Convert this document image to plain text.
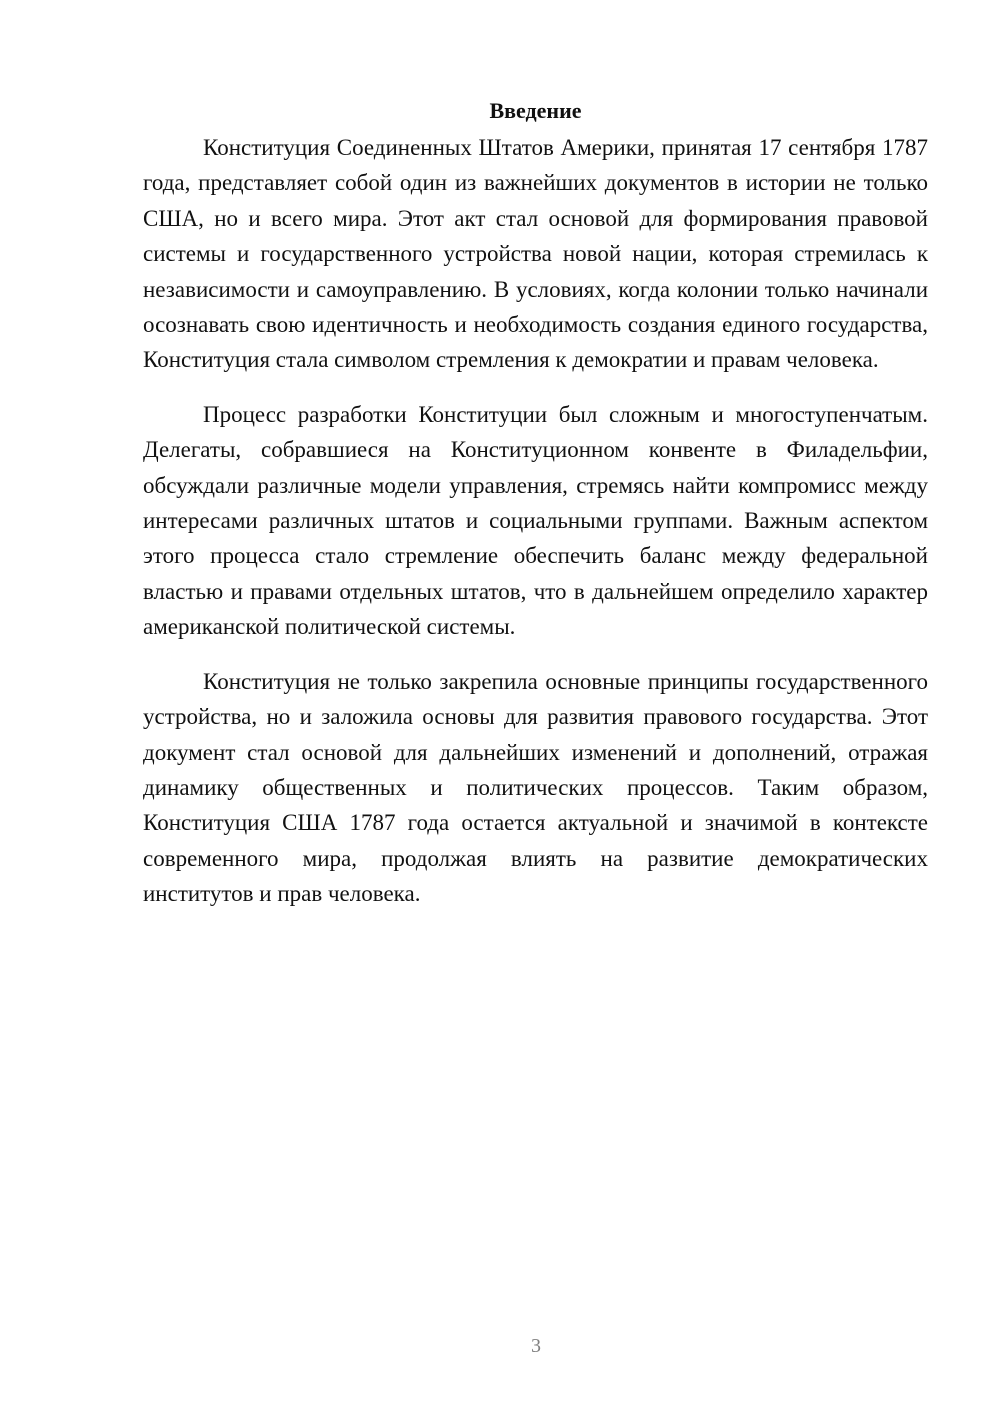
Введение

Конституция Соединенных Штатов Америки, принятая 17 сентября 1787 года, представляет собой один из важнейших документов в истории не только США, но и всего мира. Этот акт стал основой для формирования правовой системы и государственного устройства новой нации, которая стремилась к независимости и самоуправлению. В условиях, когда колонии только начинали осознавать свою идентичность и необходимость создания единого государства, Конституция стала символом стремления к демократии и правам человека.

Процесс разработки Конституции был сложным и многоступенчатым. Делегаты, собравшиеся на Конституционном конвенте в Филадельфии, обсуждали различные модели управления, стремясь найти компромисс между интересами различных штатов и социальными группами. Важным аспектом этого процесса стало стремление обеспечить баланс между федеральной властью и правами отдельных штатов, что в дальнейшем определило характер американской политической системы.

Конституция не только закрепила основные принципы государственного устройства, но и заложила основы для развития правового государства. Этот документ стал основой для дальнейших изменений и дополнений, отражая динамику общественных и политических процессов. Таким образом, Конституция США 1787 года остается актуальной и значимой в контексте современного мира, продолжая влиять на развитие демократических институтов и прав человека.

3
